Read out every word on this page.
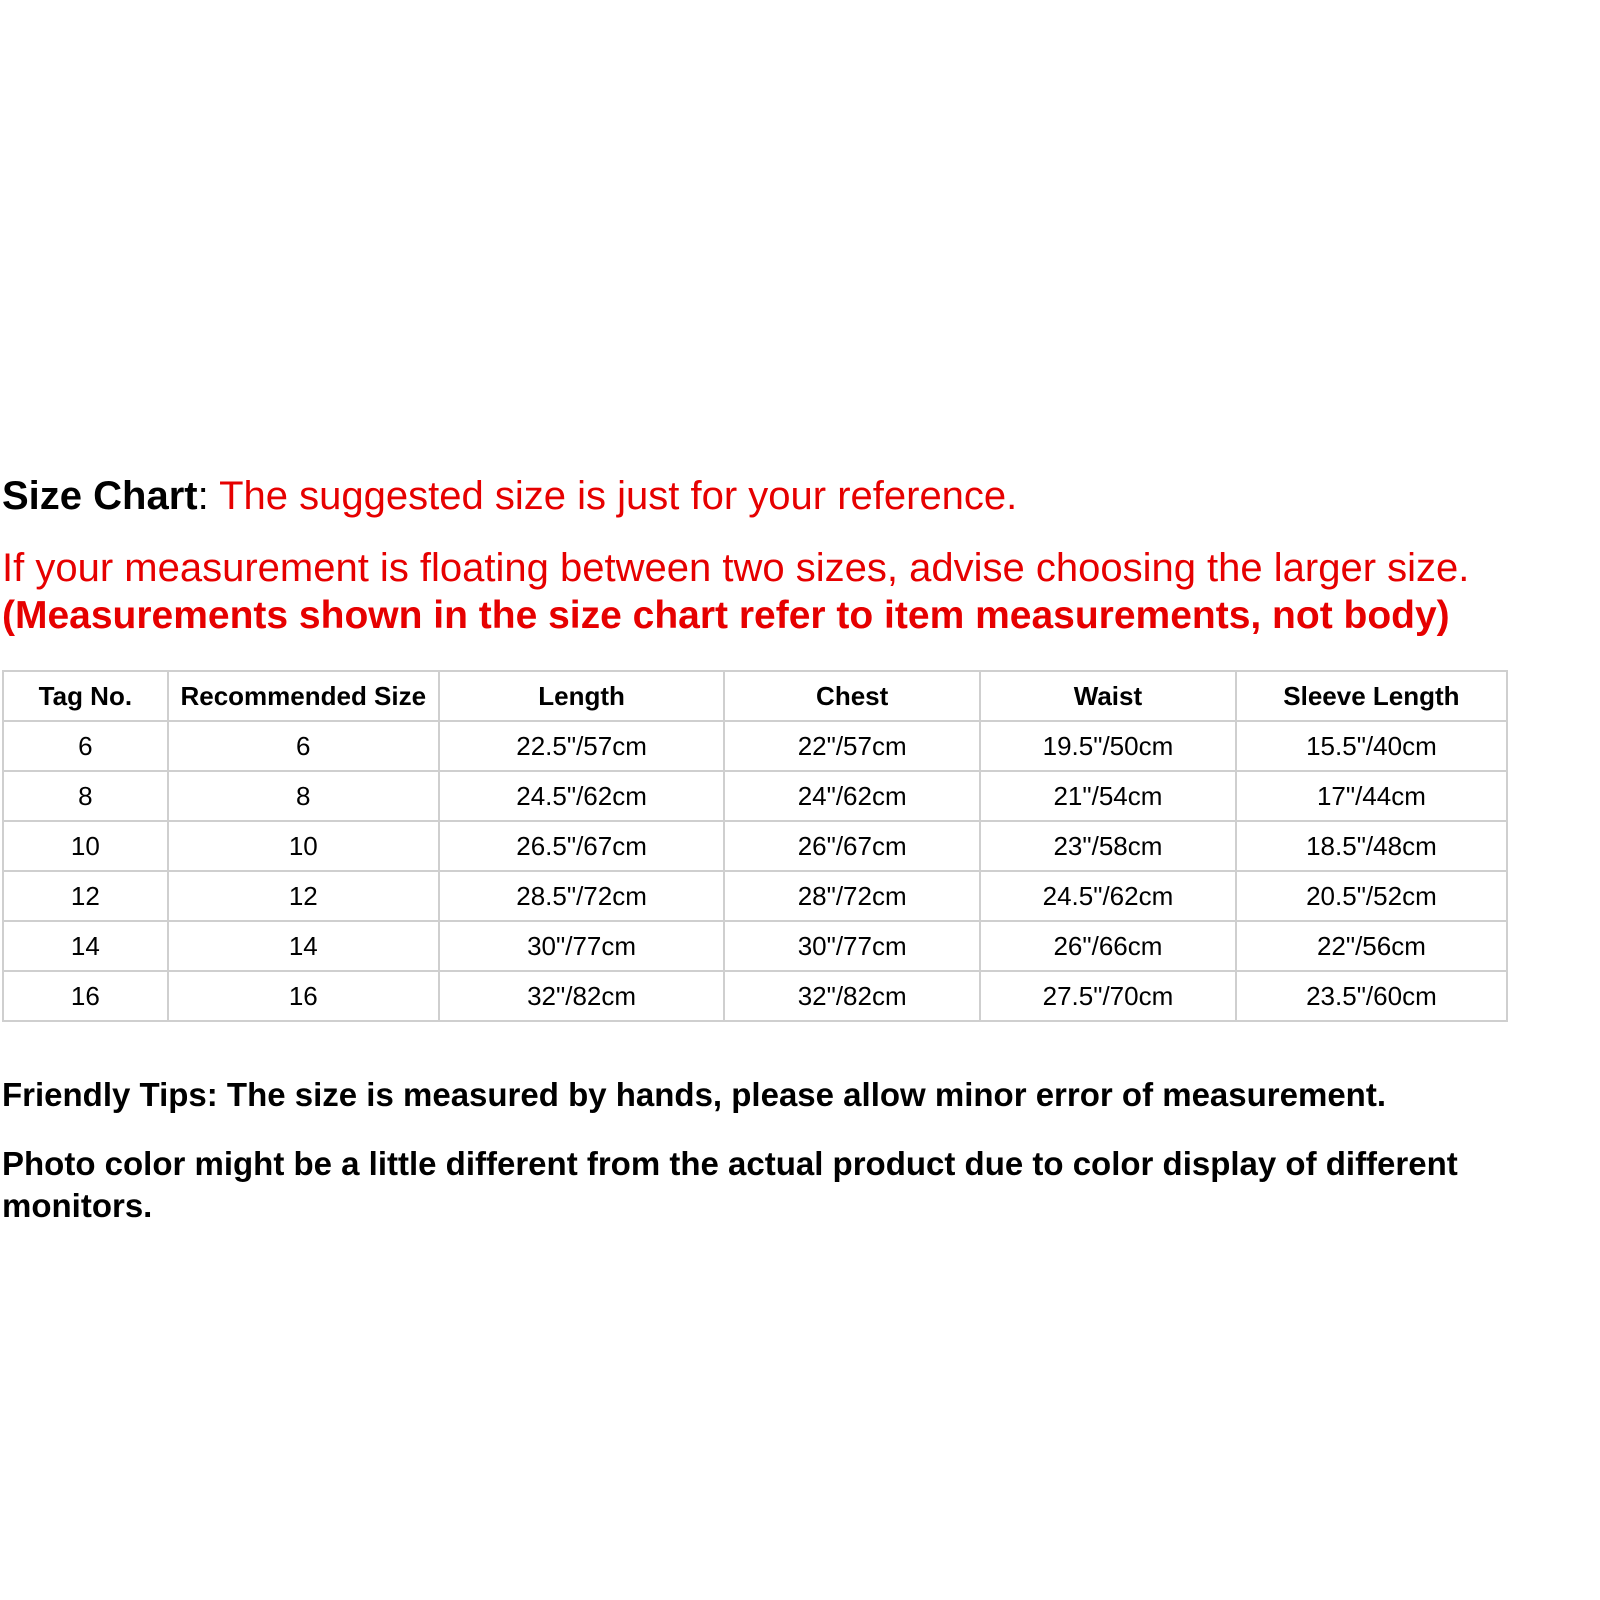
Size Chart: The suggested size is just for your reference.
If your measurement is floating between two sizes, advise choosing the larger size.
(Measurements shown in the size chart refer to item measurements, not body)
Tag No.	Recommended Size	Length	Chest	Waist	Sleeve Length
6	6	22.5"/57cm	22"/57cm	19.5"/50cm	15.5"/40cm
8	8	24.5"/62cm	24"/62cm	21"/54cm	17"/44cm
10	10	26.5"/67cm	26"/67cm	23"/58cm	18.5"/48cm
12	12	28.5"/72cm	28"/72cm	24.5"/62cm	20.5"/52cm
14	14	30"/77cm	30"/77cm	26"/66cm	22"/56cm
16	16	32"/82cm	32"/82cm	27.5"/70cm	23.5"/60cm
Friendly Tips: The size is measured by hands, please allow minor error of measurement.
Photo color might be a little different from the actual product due to color display of different monitors.
